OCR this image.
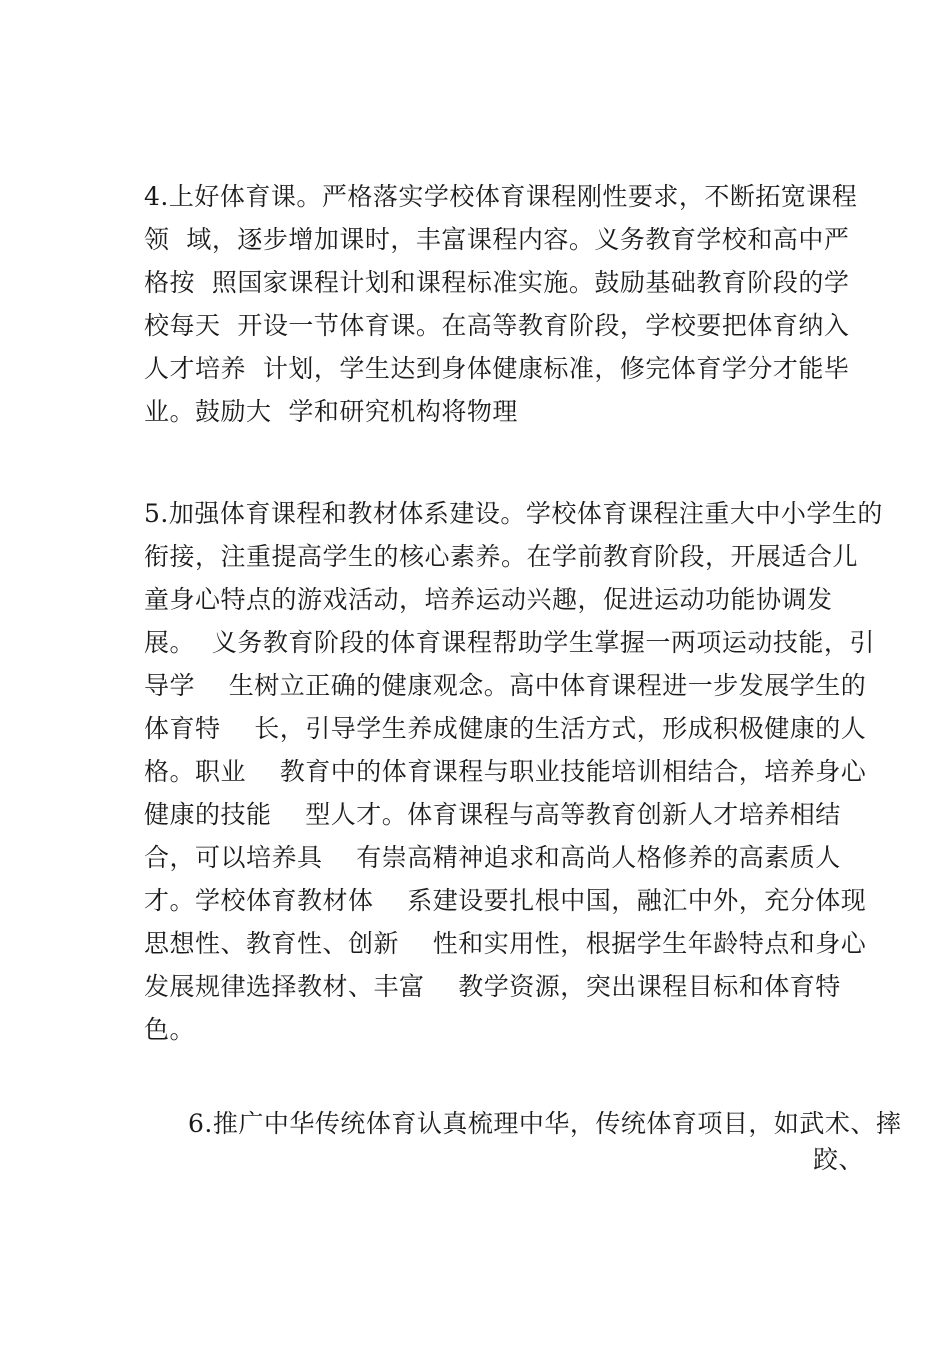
4.上好体育课。严格落实学校体育课程刚性要求，不断拓宽课程
领  域，逐步增加课时，丰富课程内容。义务教育学校和高中严
格按  照国家课程计划和课程标准实施。鼓励基础教育阶段的学
校每天  开设一节体育课。在高等教育阶段，学校要把体育纳入
人才培养  计划，学生达到身体健康标准，修完体育学分才能毕
业。鼓励大  学和研究机构将物理
5.加强体育课程和教材体系建设。学校体育课程注重大中小学生的
衔接，注重提高学生的核心素养。在学前教育阶段，开展适合儿
童身心特点的游戏活动，培养运动兴趣，促进运动功能协调发
展。  义务教育阶段的体育课程帮助学生掌握一两项运动技能，引
导学    生树立正确的健康观念。高中体育课程进一步发展学生的
体育特    长，引导学生养成健康的生活方式，形成积极健康的人
格。职业    教育中的体育课程与职业技能培训相结合，培养身心
健康的技能    型人才。体育课程与高等教育创新人才培养相结
合，可以培养具    有崇高精神追求和高尚人格修养的高素质人
才。学校体育教材体    系建设要扎根中国，融汇中外，充分体现
思想性、教育性、创新    性和实用性，根据学生年龄特点和身心
发展规律选择教材、丰富    教学资源，突出课程目标和体育特
色。
6.推广中华传统体育认真梳理中华，传统体育项目，如武术、摔
跤、
